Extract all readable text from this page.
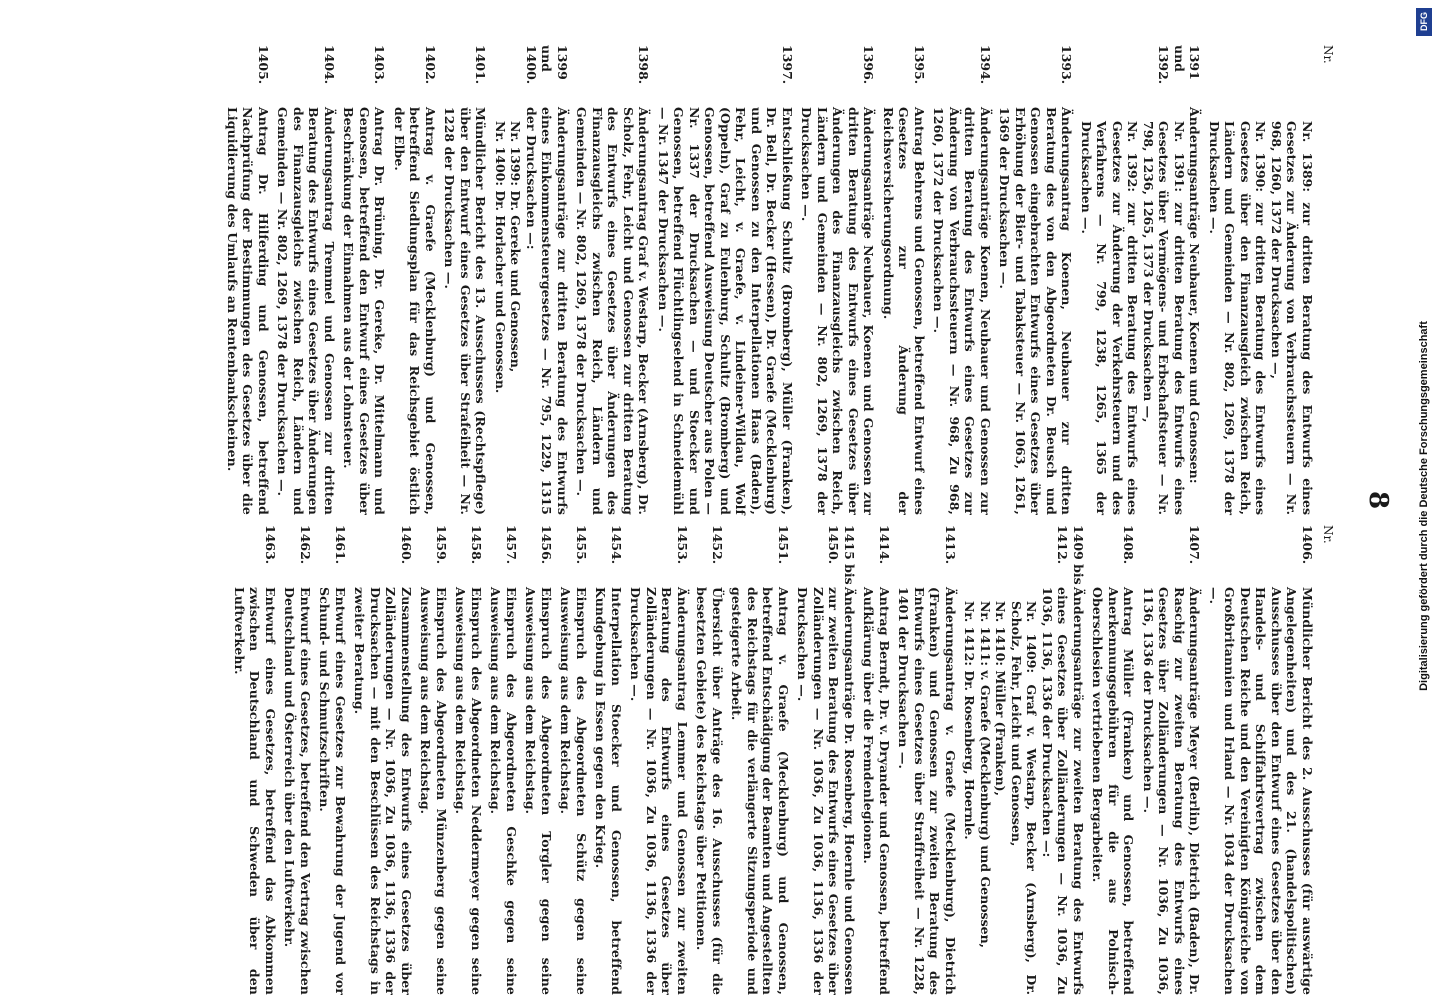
8
Nr.
Nr. 1389: zur dritten Beratung des Entwurfs eines Gesetzes zur Änderung von Verbrauchssteuern — Nr. 968, 1260, 1372 der Drucksachen —,
Nr. 1390: zur dritten Beratung des Entwurfs eines Gesetzes über den Finanzausgleich zwischen Reich, Ländern und Gemeinden — Nr. 802, 1269, 1378 der Drucksachen —.
1391 und 1392.
Änderungsanträge Neubauer, Koenen und Genossen:
Nr. 1391: zur dritten Beratung des Entwurfs eines Gesetzes über Vermögens- und Erbschaftsteuer — Nr. 798, 1236, 1265, 1373 der Drucksachen —,
Nr. 1392: zur dritten Beratung des Entwurfs eines Gesetzes zur Änderung der Verkehrsteuern und des Verfahrens — Nr. 799, 1238, 1265, 1365 der Drucksachen —.
1393.
Änderungsantrag Koenen, Neubauer zur dritten Beratung des von den Abgeordneten Dr. Beusch und Genossen eingebrachten Entwurfs eines Gesetzes über Erhöhung der Bier- und Tabaksteuer — Nr. 1063, 1261, 1369 der Drucksachen —.
1394.
Änderungsanträge Koenen, Neubauer und Genossen zur dritten Beratung des Entwurfs eines Gesetzes zur Änderung von Verbrauchssteuern — Nr. 968, Zu 968, 1260, 1372 der Drucksachen —.
1395.
Antrag Behrens und Genossen, betreffend Entwurf eines Gesetzes zur Änderung der Reichsversicherungsordnung.
1396.
Änderungsanträge Neubauer, Koenen und Genossen zur dritten Beratung des Entwurfs eines Gesetzes über Änderungen des Finanzausgleichs zwischen Reich, Ländern und Gemeinden — Nr. 802, 1269, 1378 der Drucksachen —.
1397.
Entschließung Schultz (Bromberg), Müller (Franken), Dr. Bell, Dr. Becker (Hessen), Dr. Graefe (Mecklenburg) und Genossen zu den Interpellationen Haas (Baden), Fehr, Leicht, v. Graefe, v. Lindeiner-Wildau, Wolf (Oppeln), Graf zu Eulenburg, Schultz (Bromberg) und Genossen, betreffend Ausweisung Deutscher aus Polen — Nr. 1337 der Drucksachen — und Stoecker und Genossen, betreffend Flüchtlingselend in Schneidemühl — Nr. 1347 der Drucksachen —.
1398.
Änderungsantrag Graf v. Westarp, Becker (Arnsberg), Dr. Scholz, Fehr, Leicht und Genossen zur dritten Beratung des Entwurfs eines Gesetzes über Änderungen des Finanzausgleichs zwischen Reich, Ländern und Gemeinden — Nr. 802, 1269, 1378 der Drucksachen —.
1399 und 1400.
Änderungsanträge zur dritten Beratung des Entwurfs eines Einkommensteuergesetzes — Nr. 795, 1229, 1315 der Drucksachen —:
Nr. 1399: Dr. Gereke und Genossen,
Nr. 1400: Dr. Horlacher und Genossen.
1401.
Mündlicher Bericht des 13. Ausschusses (Rechtspflege) über den Entwurf eines Gesetzes über Strafeiheit — Nr. 1228 der Drucksachen —.
1402.
Antrag v. Graefe (Mecklenburg) und Genossen, betreffend Siedlungsplan für das Reichsgebiet östlich der Elbe.
1403.
Antrag Dr. Brüning, Dr. Gereke, Dr. Mittelmann und Genossen, betreffend den Entwurf eines Gesetzes über Beschränkung der Einnahmen aus der Lohnsteuer.
1404.
Änderungsantrag Tremmel und Genossen zur dritten Beratung des Entwurfs eines Gesetzes über Änderungen des Finanzausgleichs zwischen Reich, Ländern und Gemeinden — Nr. 802, 1269, 1378 der Drucksachen —.
1405.
Antrag Dr. Hilferding und Genossen, betreffend Nachprüfung der Bestimmungen des Gesetzes über die Liquidierung des Umlaufs an Rentenbankscheinen.
Nr.
1406.
Mündlicher Bericht des 2. Ausschusses (für auswärtige Angelegenheiten) und des 21. (handelspolitischen) Ausschusses über den Entwurf eines Gesetzes über den Handels- und Schiffahrtsvertrag zwischen dem Deutschen Reiche und den Vereinigten Königreiche von Großbritannien und Irland — Nr. 1034 der Drucksachen —.
1407.
Änderungsanträge Meyer (Berlin), Dietrich (Baden), Dr. Raschig zur zweiten Beratung des Entwurfs eines Gesetzes über Zolländerungen — Nr. 1036, Zu 1036, 1136, 1336 der Drucksachen —.
1408.
Antrag Müller (Franken) und Genossen, betreffend Anerkennungsgebühren für die aus Polnisch-Oberschlesien vertriebenen Bergarbeiter.
1409 bis 1412.
Änderungsanträge zur zweiten Beratung des Entwurfs eines Gesetzes über Zolländerungen — Nr. 1036, Zu 1036, 1136, 1336 der Drucksachen —:
Nr. 1409: Graf v. Westarp, Becker (Arnsberg), Dr. Scholz, Fehr, Leicht und Genossen,
Nr. 1410: Müller (Franken),
Nr. 1411: v. Graefe (Mecklenburg) und Genossen,
Nr. 1412: Dr. Rosenberg, Hoernle.
1413.
Änderungsantrag v. Graefe (Mecklenburg), Dietrich (Franken) und Genossen zur zweiten Beratung des Entwurfs eines Gesetzes über Straffreiheit — Nr. 1228, 1401 der Drucksachen —.
1414.
Antrag Berndt, Dr. v. Dryander und Genossen, betreffend Aufklärung über die Fremdenlegionen.
1415 bis 1450.
Änderungsanträge Dr. Rosenberg, Hoernle und Genossen zur zweiten Beratung des Entwurfs eines Gesetzes über Zolländerungen — Nr. 1036, Zu 1036, 1136, 1336 der Drucksachen —.
1451.
Antrag v. Graefe (Mecklenburg) und Genossen, betreffend Entschädigung der Beamten und Angestellten des Reichstags für die verlängerte Sitzungsperiode und gesteigerte Arbeit.
1452.
Übersicht über Anträge des 16. Ausschusses (für die besetzten Gebiete) des Reichstags über Petitionen.
1453.
Änderungsantrag Lemmer und Genossen zur zweiten Beratung des Entwurfs eines Gesetzes über Zolländerungen — Nr. 1036, Zu 1036, 1136, 1336 der Drucksachen —.
1454.
Interpellation Stoecker und Genossen, betreffend Kundgebung in Essen gegen den Krieg.
1455.
Einspruch des Abgeordneten Schütz gegen seine Ausweisung aus dem Reichstag.
1456.
Einspruch des Abgeordneten Torgler gegen seine Ausweisung aus dem Reichstag.
1457.
Einspruch des Abgeordneten Geschke gegen seine Ausweisung aus dem Reichstag.
1458.
Einspruch des Abgeordneten Neddermeyer gegen seine Ausweisung aus dem Reichstag.
1459.
Einspruch des Abgeordneten Münzenberg gegen seine Ausweisung aus dem Reichstag.
1460.
Zusammenstellung des Entwurfs eines Gesetzes über Zolländerungen — Nr. 1036, Zu 1036, 1136, 1336 der Drucksachen — mit den Beschlüssen des Reichstags in zweiter Beratung.
1461.
Entwurf eines Gesetzes zur Bewahrung der Jugend vor Schund- und Schmutzschriften.
1462.
Entwurf eines Gesetzes, betreffend den Vertrag zwischen Deutschland und Österreich über den Luftverkehr.
1463.
Entwurf eines Gesetzes, betreffend das Abkommen zwischen Deutschland und Schweden über den Luftverkehr.
DFG
Digitalisierung gefördert durch die Deutsche Forschungsgemeinschaft
